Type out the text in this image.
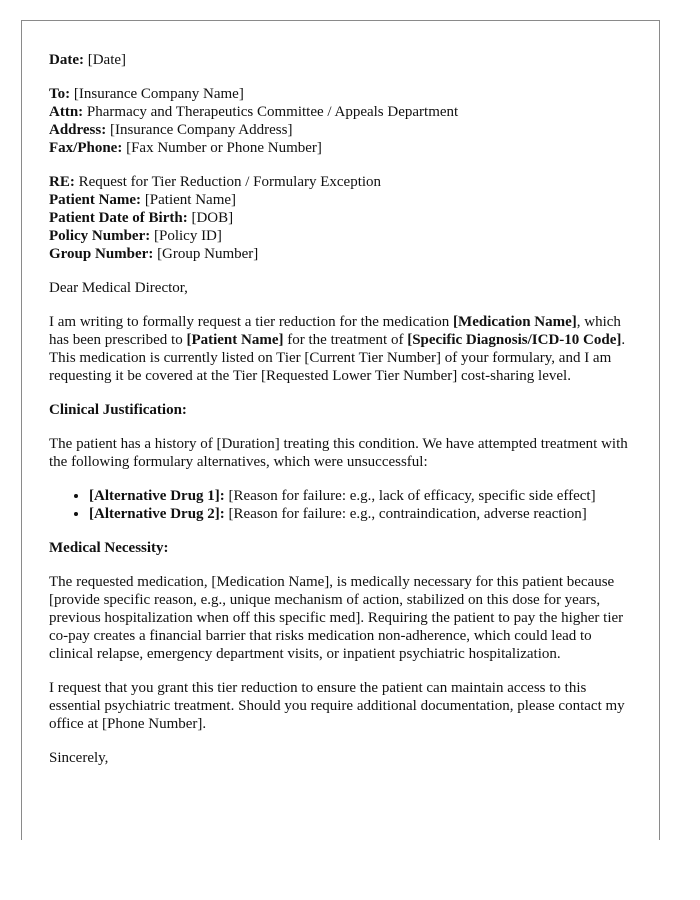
Date: [Date]
To: [Insurance Company Name]
Attn: Pharmacy and Therapeutics Committee / Appeals Department
Address: [Insurance Company Address]
Fax/Phone: [Fax Number or Phone Number]
RE: Request for Tier Reduction / Formulary Exception
Patient Name: [Patient Name]
Patient Date of Birth: [DOB]
Policy Number: [Policy ID]
Group Number: [Group Number]

Dear Medical Director,

I am writing to formally request a tier reduction for the medication [Medication Name], which has been prescribed to [Patient Name] for the treatment of [Specific Diagnosis/ICD-10 Code]. This medication is currently listed on Tier [Current Tier Number] of your formulary, and I am requesting it be covered at the Tier [Requested Lower Tier Number] cost-sharing level.

Clinical Justification:

The patient has a history of [Duration] treating this condition. We have attempted treatment with the following formulary alternatives, which were unsuccessful:

• [Alternative Drug 1]: [Reason for failure: e.g., lack of efficacy, specific side effect]
• [Alternative Drug 2]: [Reason for failure: e.g., contraindication, adverse reaction]

Medical Necessity:

The requested medication, [Medication Name], is medically necessary for this patient because [provide specific reason, e.g., unique mechanism of action, stabilized on this dose for years, previous hospitalization when off this specific med]. Requiring the patient to pay the higher tier co-pay creates a financial barrier that risks medication non-adherence, which could lead to clinical relapse, emergency department visits, or inpatient psychiatric hospitalization.

I request that you grant this tier reduction to ensure the patient can maintain access to this essential psychiatric treatment. Should you require additional documentation, please contact my office at [Phone Number].

Sincerely,
